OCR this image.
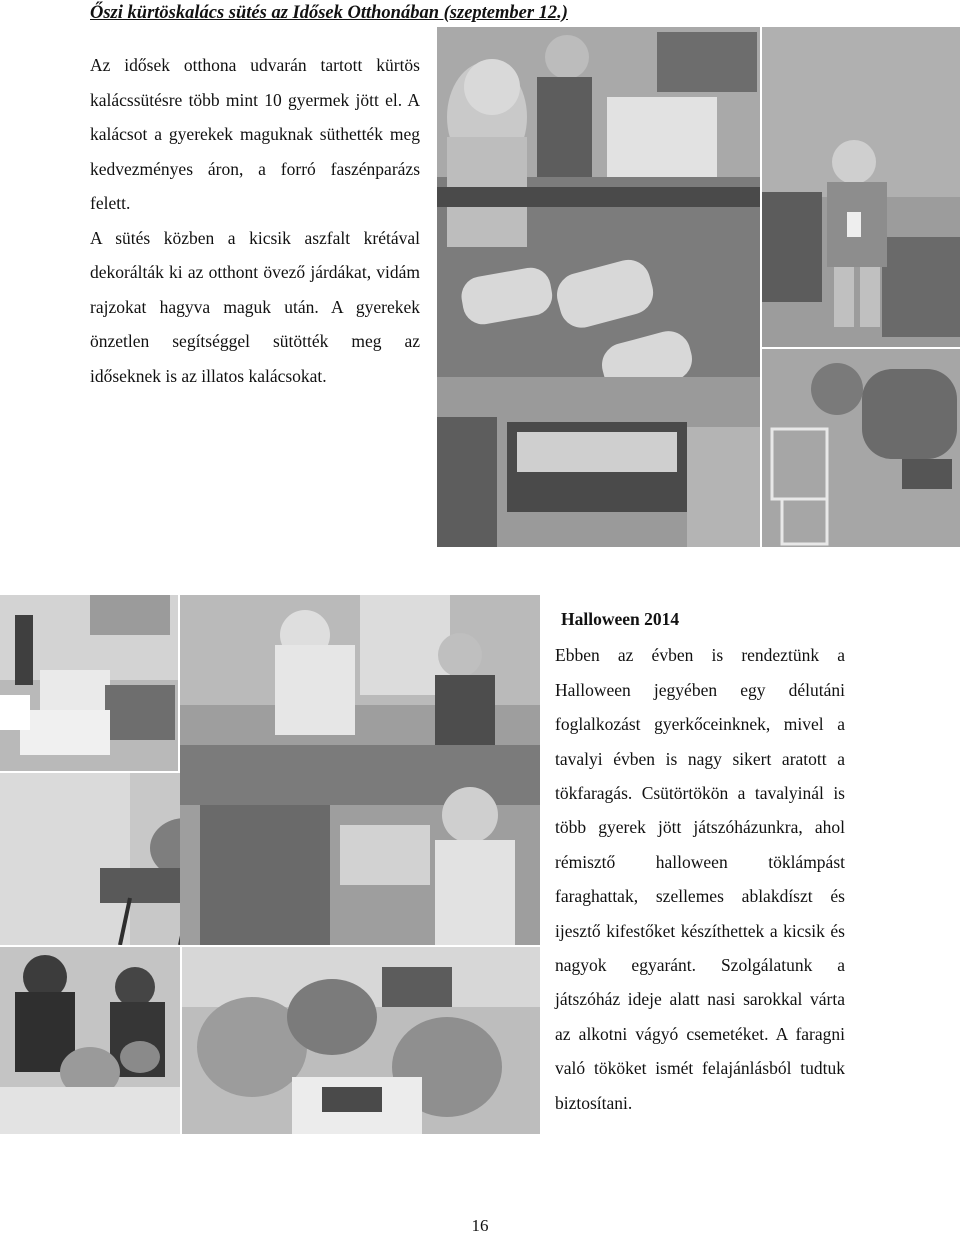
Őszi kürtöskalács sütés az Idősek Otthonában (szeptember 12.)

Az idősek otthona udvarán tartott kürtös kalácssütésre több mint 10 gyermek jött el. A kalácsot a gyerekek maguknak süthették meg kedvezményes áron, a forró faszénparázs felett.

A sütés közben a kicsik aszfalt krétával dekorálták ki az otthont övező járdákat, vidám rajzokat hagyva maguk után. A gyerekek önzetlen segítséggel sütötték meg az időseknek is az illatos kalácsokat.

Halloween 2014

Ebben az évben is rendeztünk a Halloween jegyében egy délutáni foglalkozást gyerkőceinknek, mivel a tavalyi évben is nagy sikert aratott a tökfaragás. Csütörtökön a tavalyinál is több gyerek jött játszóházunkra, ahol rémisztő halloween töklámpást faraghattak, szellemes ablakdíszt és ijesztő kifestőket készíthettek a kicsik és nagyok egyaránt. Szolgálatunk a játszóház ideje alatt nasi sarokkal várta az alkotni vágyó csemetéket. A faragni való tököket ismét felajánlásból tudtuk biztosítani.

16
